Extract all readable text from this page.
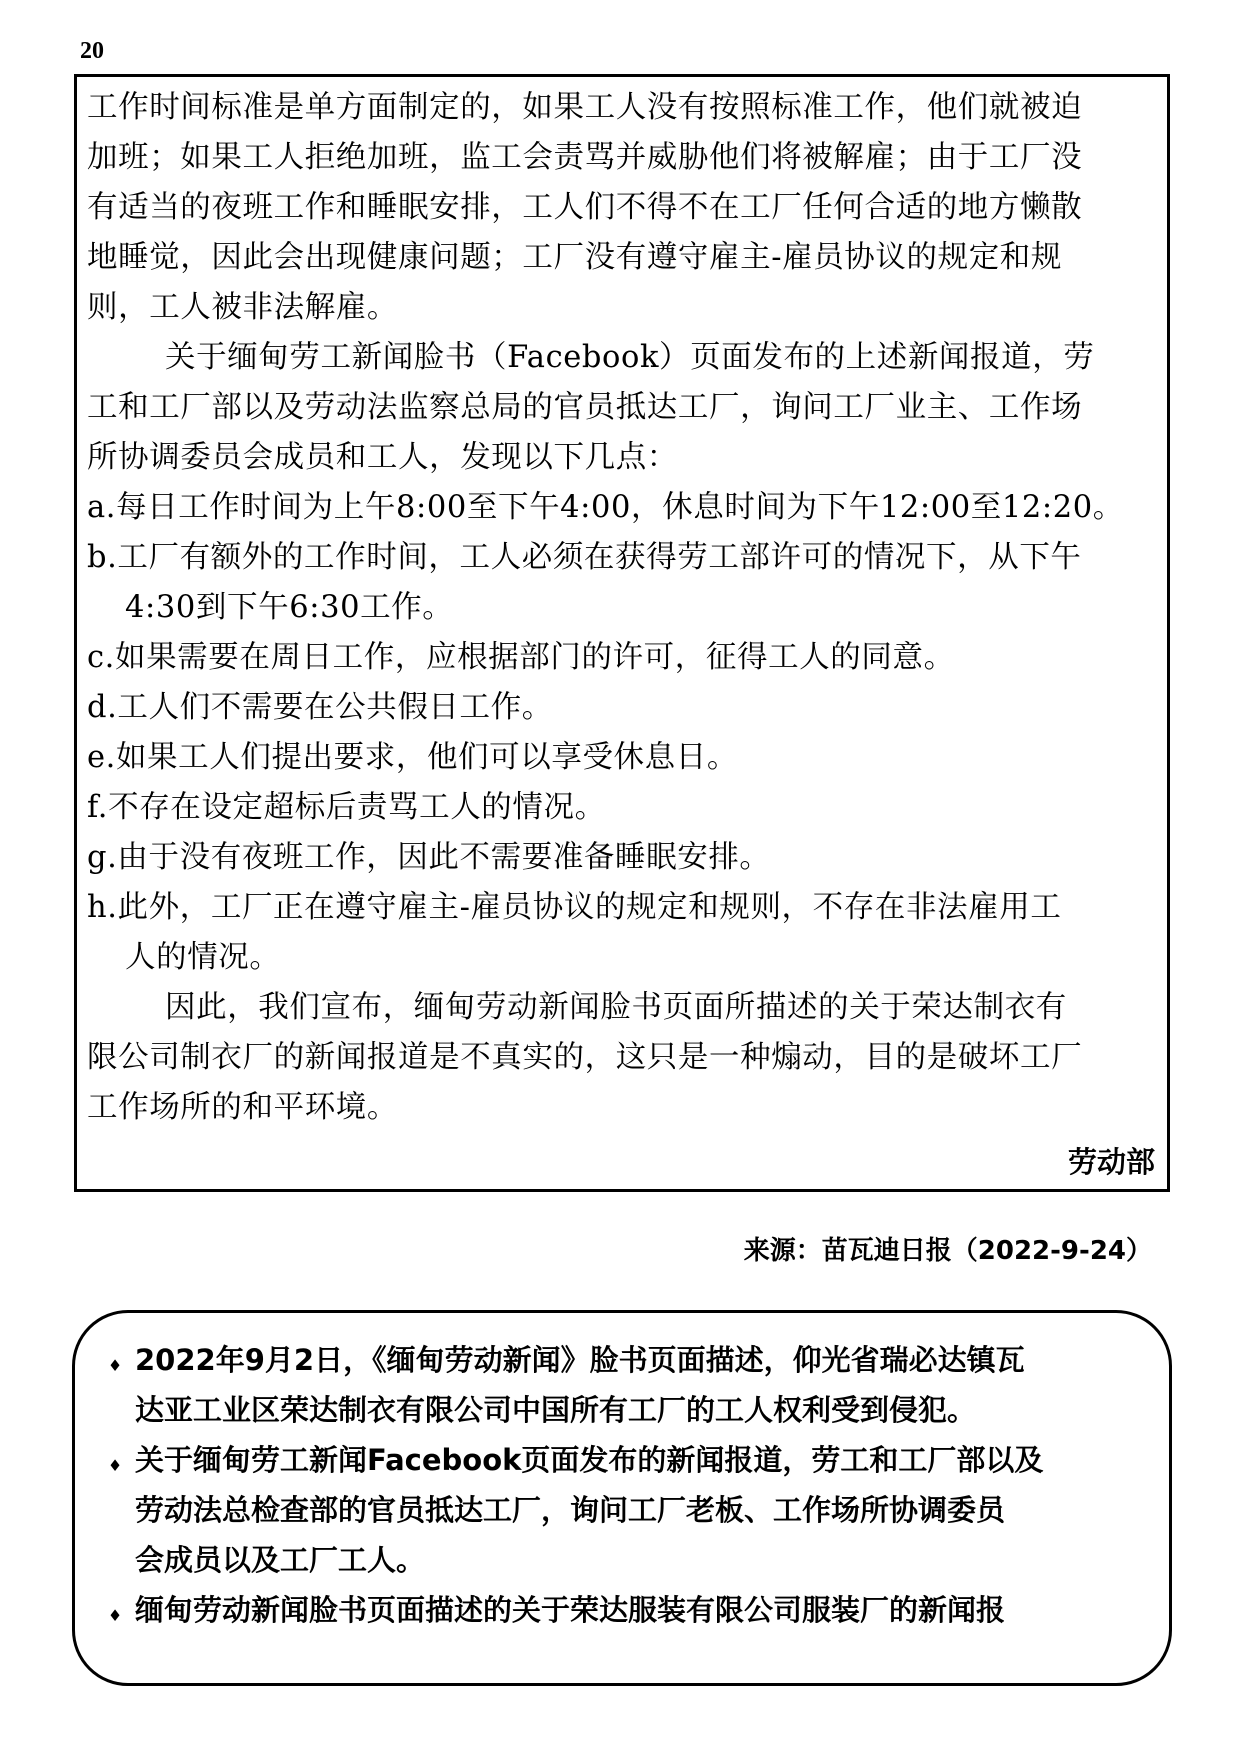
20
工作时间标准是单方面制定的，如果工人没有按照标准工作，他们就被迫
加班；如果工人拒绝加班，监工会责骂并威胁他们将被解雇；由于工厂没
有适当的夜班工作和睡眠安排，工人们不得不在工厂任何合适的地方懒散
地睡觉，因此会出现健康问题；工厂没有遵守雇主-雇员协议的规定和规
则，工人被非法解雇。
关于缅甸劳工新闻脸书（Facebook）页面发布的上述新闻报道，劳
工和工厂部以及劳动法监察总局的官员抵达工厂，询问工厂业主、工作场
所协调委员会成员和工人，发现以下几点：
a.每日工作时间为上午8:00至下午4:00，休息时间为下午12:00至12:20。
b.工厂有额外的工作时间，工人必须在获得劳工部许可的情况下，从下午
4:30到下午6:30工作。
c.如果需要在周日工作，应根据部门的许可，征得工人的同意。
d.工人们不需要在公共假日工作。
e.如果工人们提出要求，他们可以享受休息日。
f.不存在设定超标后责骂工人的情况。
g.由于没有夜班工作，因此不需要准备睡眠安排。
h.此外，工厂正在遵守雇主-雇员协议的规定和规则，不存在非法雇用工
人的情况。
因此，我们宣布，缅甸劳动新闻脸书页面所描述的关于荣达制衣有
限公司制衣厂的新闻报道是不真实的，这只是一种煽动，目的是破坏工厂
工作场所的和平环境。
劳动部
来源：苗瓦迪日报（2022-9-24）
♦ 2022年9月2日，《缅甸劳动新闻》脸书页面描述，仰光省瑞必达镇瓦
达亚工业区荣达制衣有限公司中国所有工厂的工人权利受到侵犯。
♦ 关于缅甸劳工新闻Facebook页面发布的新闻报道，劳工和工厂部以及
劳动法总检查部的官员抵达工厂，询问工厂老板、工作场所协调委员
会成员以及工厂工人。
♦ 缅甸劳动新闻脸书页面描述的关于荣达服装有限公司服装厂的新闻报
